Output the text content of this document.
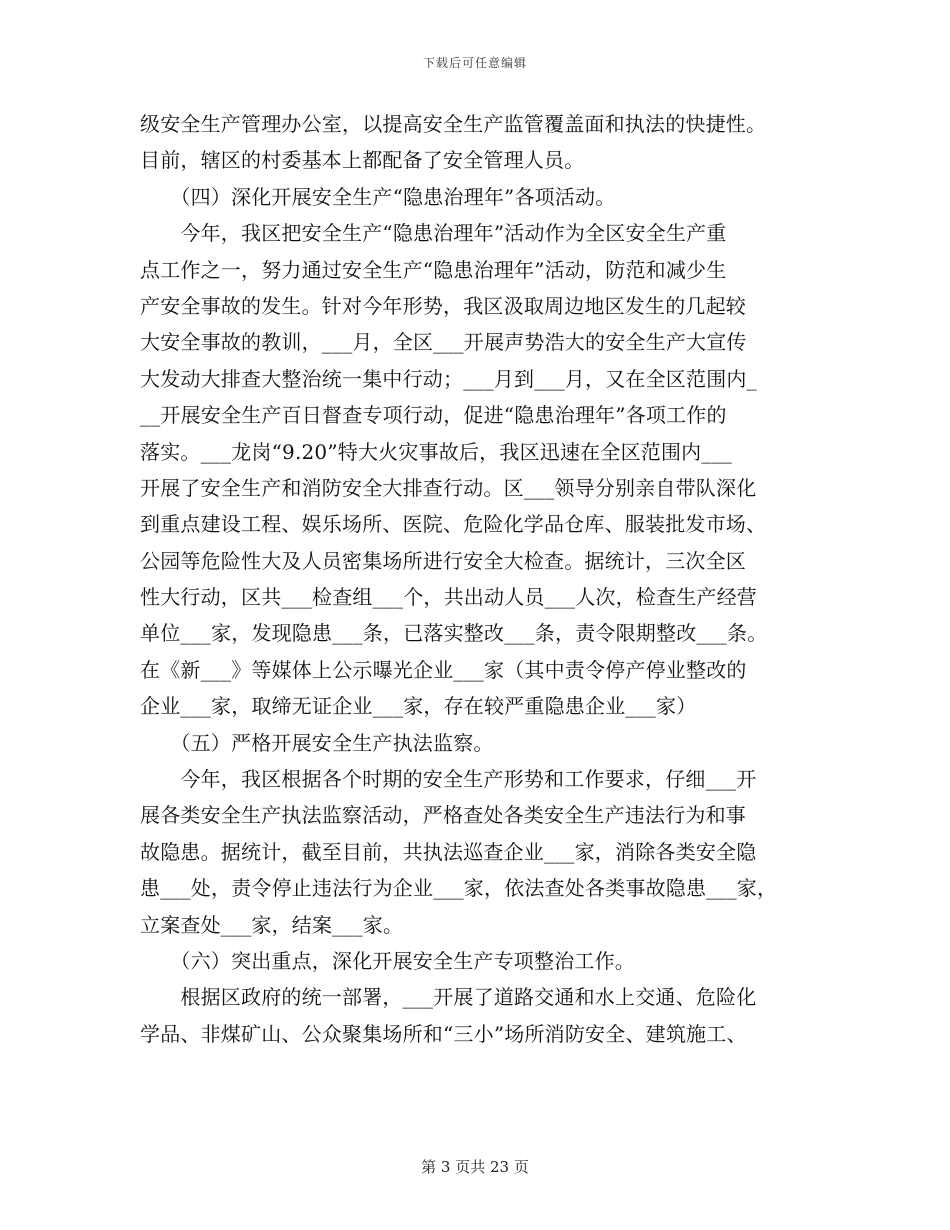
下载后可任意编辑
级安全生产管理办公室，以提高安全生产监管覆盖面和执法的快捷性。
目前，辖区的村委基本上都配备了安全管理人员。
　　（四）深化开展安全生产“隐患治理年”各项活动。
　　今年，我区把安全生产“隐患治理年”活动作为全区安全生产重
点工作之一，努力通过安全生产“隐患治理年”活动，防范和减少生
产安全事故的发生。针对今年形势，我区汲取周边地区发生的几起较
大安全事故的教训，___月，全区___开展声势浩大的安全生产大宣传
大发动大排查大整治统一集中行动；___月到___月，又在全区范围内_
__开展安全生产百日督查专项行动，促进“隐患治理年”各项工作的
落实。___龙岗“9.20”特大火灾事故后，我区迅速在全区范围内___
开展了安全生产和消防安全大排查行动。区___领导分别亲自带队深化
到重点建设工程、娱乐场所、医院、危险化学品仓库、服装批发市场、
公园等危险性大及人员密集场所进行安全大检查。据统计，三次全区
性大行动，区共___检查组___个，共出动人员___人次，检查生产经营
单位___家，发现隐患___条，已落实整改___条，责令限期整改___条。
在《新___》等媒体上公示曝光企业___家（其中责令停产停业整改的
企业___家，取缔无证企业___家，存在较严重隐患企业___家）
　　（五）严格开展安全生产执法监察。
　　今年，我区根据各个时期的安全生产形势和工作要求，仔细___开
展各类安全生产执法监察活动，严格查处各类安全生产违法行为和事
故隐患。据统计，截至目前，共执法巡查企业___家，消除各类安全隐
患___处，责令停止违法行为企业___家，依法查处各类事故隐患___家，
立案查处___家，结案___家。
　　（六）突出重点，深化开展安全生产专项整治工作。
　　根据区政府的统一部署，___开展了道路交通和水上交通、危险化
学品、非煤矿山、公众聚集场所和“三小”场所消防安全、建筑施工、
第 3 页共 23 页
